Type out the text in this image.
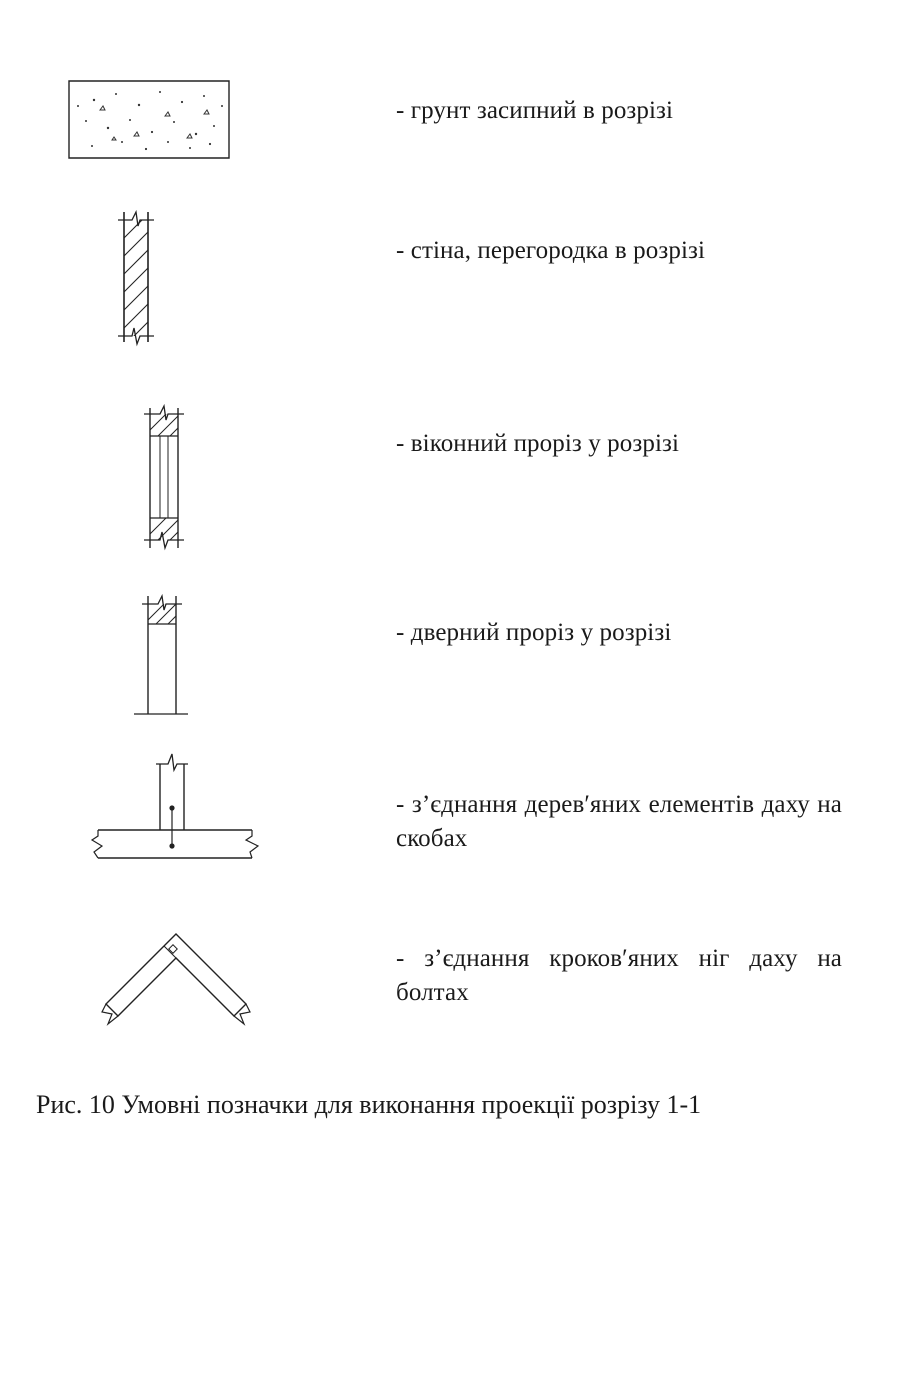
- грунт засипний в розрізі
- стіна, перегородка в розрізі
- віконний проріз у розрізі
- дверний проріз у розрізі
- з’єднання дерев′яних елементів даху на скобах
- з’єднання кроков′яних ніг даху на болтах
Рис. 10 Умовні позначки для виконання проекції розрізу 1-1
